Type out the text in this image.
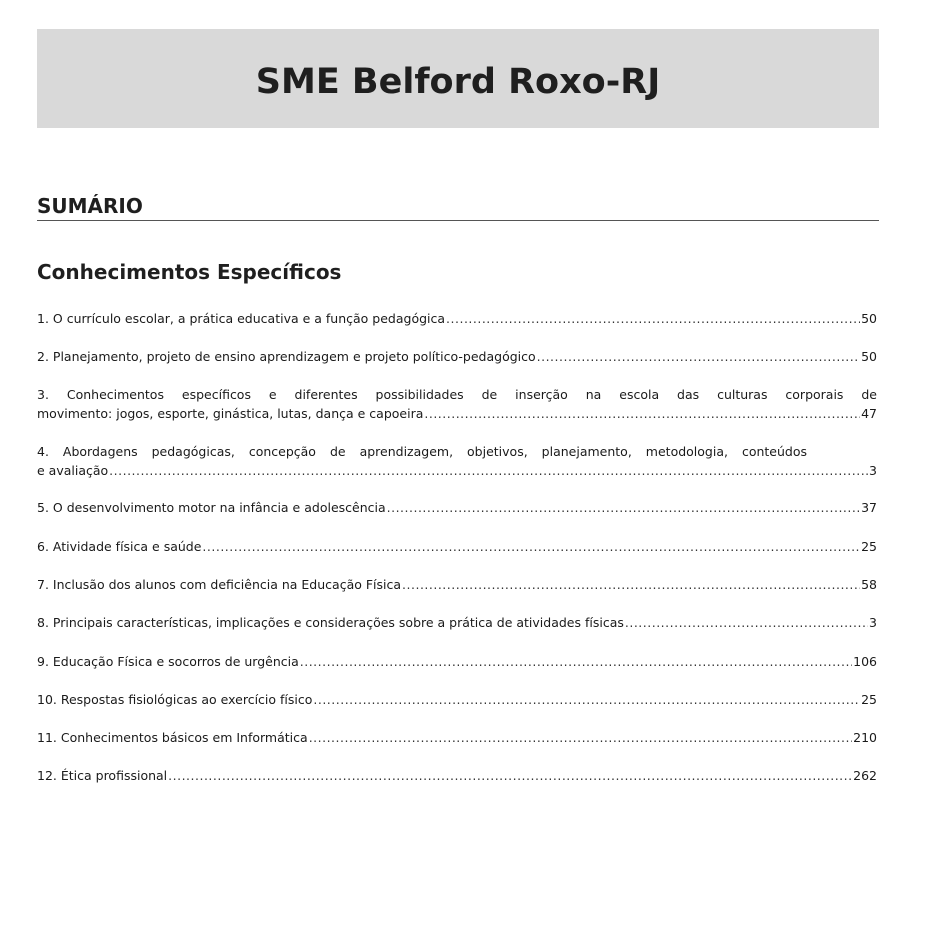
SME Belford Roxo-RJ
SUMÁRIO
Conhecimentos Específicos
1. O currículo escolar, a prática educativa e a função pedagógica .....	50
2. Planejamento, projeto de ensino aprendizagem e projeto político-pedagógico .....	50
3. Conhecimentos específicos e diferentes possibilidades de inserção na escola das culturas corporais de
movimento: jogos, esporte, ginástica, lutas, dança e capoeira .....	47
4. Abordagens pedagógicas, concepção de aprendizagem, objetivos, planejamento, metodologia, conteúdos
e avaliação .....	3
5. O desenvolvimento motor na infância e adolescência .....	37
6. Atividade física e saúde .....	25
7. Inclusão dos alunos com deficiência na Educação Física .....	58
8. Principais características, implicações e considerações sobre a prática de atividades físicas .....	3
9. Educação Física e socorros de urgência .....	106
10. Respostas fisiológicas ao exercício físico .....	25
11. Conhecimentos básicos em Informática .....	210
12. Ética profissional .....	262
